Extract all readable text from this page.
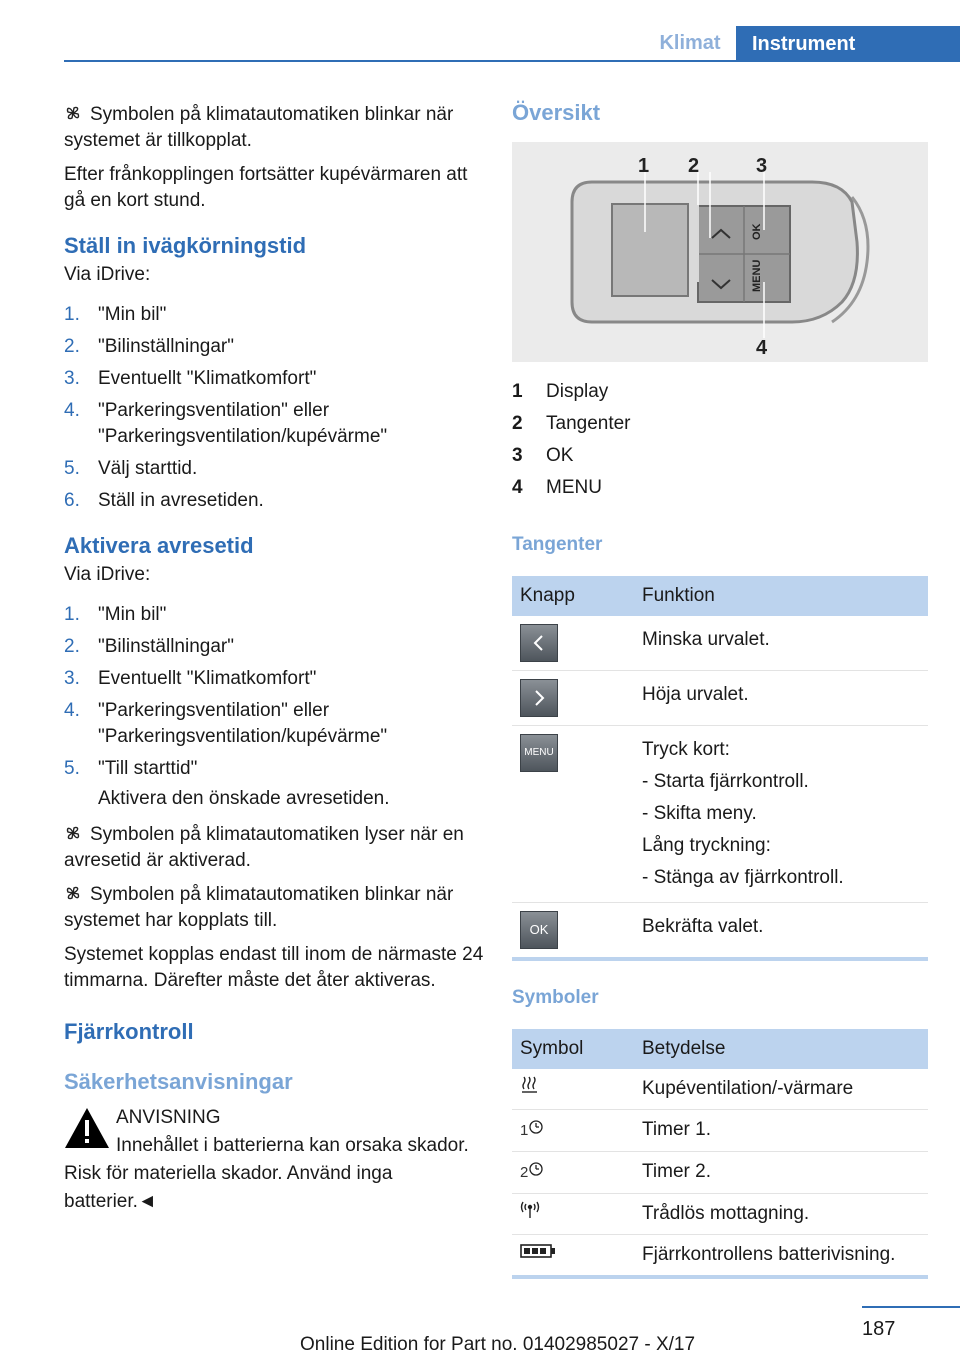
Klimat	Instrument

Symbolen på klimatautomatiken blinkar när systemet är tillkopplat.

Efter frånkopplingen fortsätter kupévärmaren att gå en kort stund.

Ställ in ivägkörningstid

Via iDrive:

1. "Min bil"
2. "Bilinställningar"
3. Eventuellt "Klimatkomfort"
4. "Parkeringsventilation" eller "Parkeringsventilation/kupévärme"
5. Välj starttid.
6. Ställ in avresetiden.
Aktivera avresetid

Via iDrive:

1. "Min bil"
2. "Bilinställningar"
3. Eventuellt "Klimatkomfort"
4. "Parkeringsventilation" eller "Parkeringsventilation/kupévärme"
5. "Till starttid"

Aktivera den önskade avresetiden.

Symbolen på klimatautomatiken lyser när en avresetid är aktiverad.

Symbolen på klimatautomatiken blinkar när systemet har kopplats till.

Systemet kopplas endast till inom de närmaste 24 timmarna. Därefter måste det åter aktiveras.

Fjärrkontroll
Säkerhetsanvisningar
ANVISNING
Innehållet i batterierna kan orsaka skador. Risk för materiella skador. Använd inga batterier.◄
Översikt
OK
MENU
1 2	3
4
1	Display
2	Tangenter
3	OK
4	MENU
Tangenter
Knapp	Funktion

	Minska urvalet.

	Höja urvalet.

MENU	Tryck kort:
- Starta fjärrkontroll.
- Skifta meny.
Lång tryckning:
- Stänga av fjärrkontroll.

OK	Bekräfta valet.
Symboler
Symbol	Betydelse
	Kupéventilation/-värmare
1	Timer 1.
2	Timer 2.
	Trådlös mottagning.
	Fjärrkontrollens batterivisning.
187
Online Edition for Part no. 01402985027 - X/17
